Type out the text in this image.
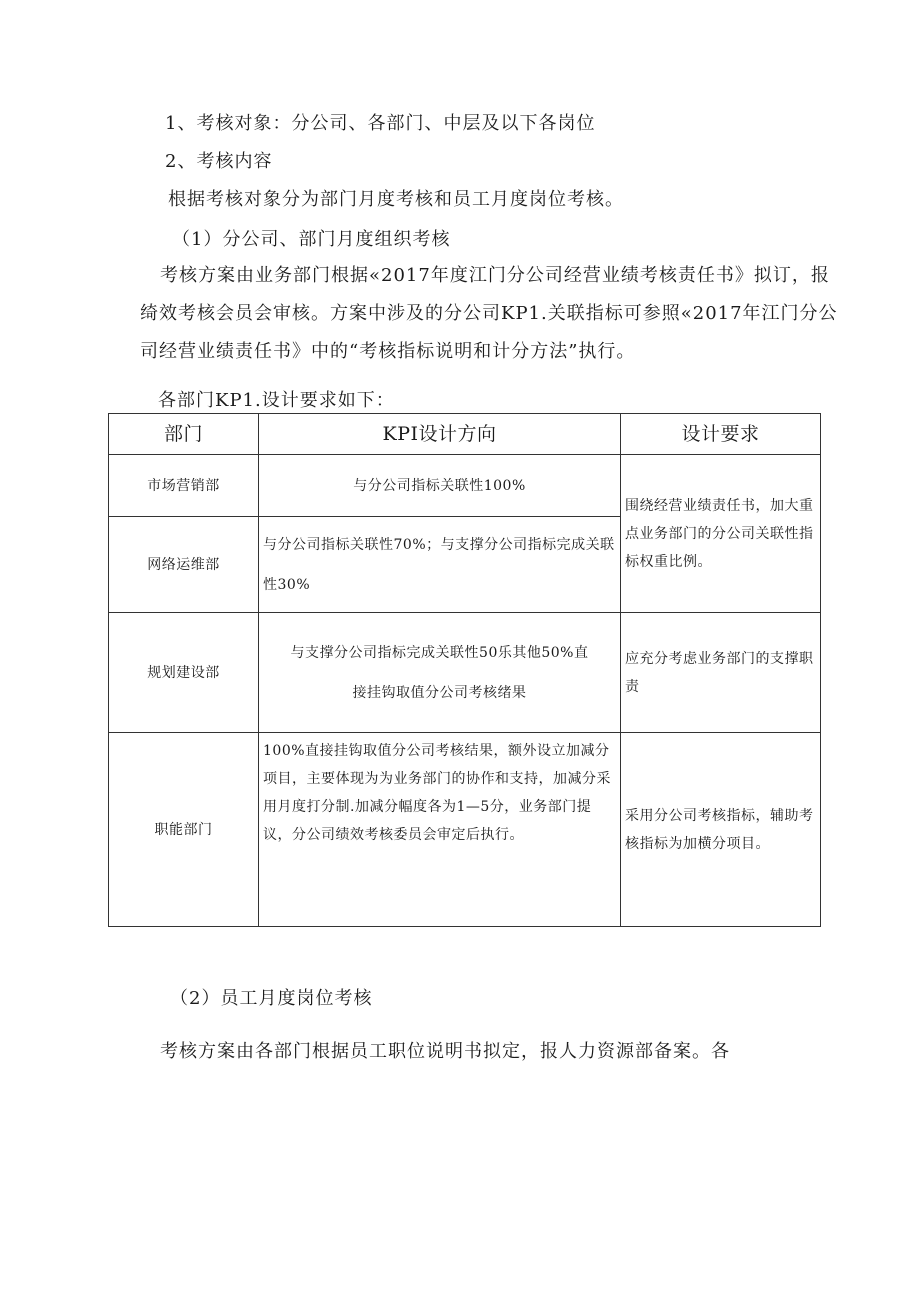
1、考核对象：分公司、各部门、中层及以下各岗位
2、考核内容
根据考核对象分为部门月度考核和员工月度岗位考核。
（1）分公司、部门月度组织考核
考核方案由业务部门根据«2017年度江门分公司经营业绩考核责任书》拟订，报绮效考核会员会审核。方案中涉及的分公司KP1.关联指标可参照«2017年江门分公司经营业绩责任书》中的“考核指标说明和计分方法”执行。
各部门KP1.设计要求如下：
部门	KPI设计方向	设计要求
市场营销部	与分公司指标关联性100%	围绕经营业绩责任书，加大重点业务部门的分公司关联性指标权重比例。

网络运维部	与分公司指标关联性70%；与支撑分公司指标完成关联性30%	
规划建设部	与支撑分公司指标完成关联性50乐其他50%直接挂钩取值分公司考核绪果	应充分考虑业务部门的支撑职责

职能部门	100%直接挂钩取值分公司考核结果，额外设立加减分项目，主要体现为为业务部门的协作和支持，加减分采用月度打分制.加减分幅度各为1—5分，业务部门提议，分公司绩效考核委员会审定后执行。	采用分公司考核指标，辅助考核指标为加横分项目。

（2）员工月度岗位考核
考核方案由各部门根据员工职位说明书拟定，报人力资源部备案。各
